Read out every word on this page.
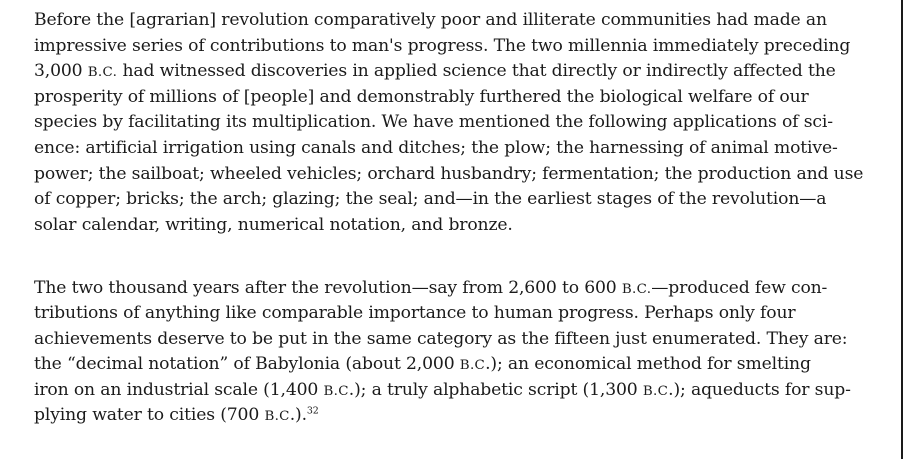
Before the [agrarian] revolution comparatively poor and illiterate communities had made an
impressive series of contributions to man's progress. The two millennia immediately preceding
3,000 B.C. had witnessed discoveries in applied science that directly or indirectly affected the
prosperity of millions of [people] and demonstrably furthered the biological welfare of our
species by facilitating its multiplication. We have mentioned the following applications of sci-
ence: artificial irrigation using canals and ditches; the plow; the harnessing of animal motive-
power; the sailboat; wheeled vehicles; orchard husbandry; fermentation; the production and use
of copper; bricks; the arch; glazing; the seal; and—in the earliest stages of the revolution—a
solar calendar, writing, numerical notation, and bronze.

The two thousand years after the revolution—say from 2,600 to 600 B.C.—produced few con-
tributions of anything like comparable importance to human progress. Perhaps only four
achievements deserve to be put in the same category as the fifteen just enumerated. They are:
the “decimal notation” of Babylonia (about 2,000 B.C.); an economical method for smelting
iron on an industrial scale (1,400 B.C.); a truly alphabetic script (1,300 B.C.); aqueducts for sup-
plying water to cities (700 B.C.).$^{32}$
